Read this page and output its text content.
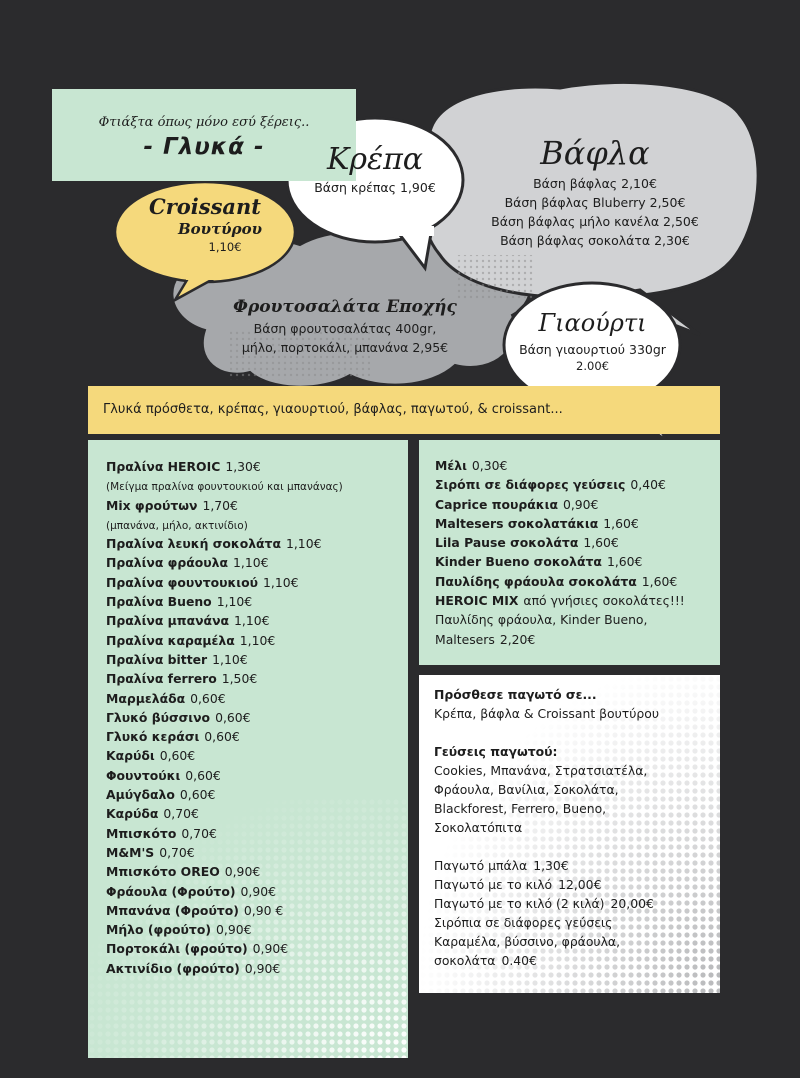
Φτιάξτα όπως μόνο εσύ ξέρεις..
- Γλυκά -	Κρέπα
Βάση κρέπας 1,90€
Βάφλα
Βάση βάφλας 2,10€
Βάση βάφλας Bluberry 2,50€
Βάση βάφλας μήλο κανέλα 2,50€
Βάση βάφλας σοκολάτα 2,30€
Croissant
Βουτύρου
1,10€
Φρουτοσαλάτα Εποχής
Βάση φρουτοσαλάτας 400gr,
μήλο, πορτοκάλι, μπανάνα 2,95€
Γιαούρτι
Βάση γιαουρτιού 330gr
2.00€
Γλυκά πρόσθετα, κρέπας, γιαουρτιού, βάφλας, παγωτού, & croissant...
Πραλίνα HEROIC 1,30€
(Μείγμα πραλίνα φουντουκιού και μπανάνας)
Mix φρούτων 1,70€
(μπανάνα, μήλο, ακτινίδιο)
Πραλίνα λευκή σοκολάτα 1,10€
Πραλίνα φράουλα 1,10€
Πραλίνα φουντουκιού 1,10€
Πραλίνα Bueno 1,10€
Πραλίνα μπανάνα 1,10€
Πραλίνα καραμέλα 1,10€
Πραλίνα bitter 1,10€
Πραλίνα ferrero 1,50€
Μαρμελάδα 0,60€
Γλυκό βύσσινο 0,60€
Γλυκό κεράσι 0,60€
Καρύδι 0,60€
Φουντούκι 0,60€
Αμύγδαλο 0,60€
Καρύδα 0,70€
Μπισκότο 0,70€
M&M'S 0,70€
Μπισκότο OREO 0,90€
Φράουλα (Φρούτο) 0,90€
Μπανάνα (Φρούτο) 0,90 €
Μήλο (φρούτο) 0,90€
Πορτοκάλι (φρούτο) 0,90€
Ακτινίδιο (φρούτο) 0,90€
Μέλι 0,30€
Σιρόπι σε διάφορες γεύσεις 0,40€
Caprice πουράκια 0,90€
Maltesers σοκολατάκια 1,60€
Lila Pause σοκολάτα 1,60€
Kinder Bueno σοκολάτα 1,60€
Παυλίδης φράουλα σοκολάτα 1,60€
HEROIC MIX από γνήσιες σοκολάτες!!!
Παυλίδης φράουλα, Kinder Bueno,
Maltesers 2,20€
Πρόσθεσε παγωτό σε...
Κρέπα, βάφλα & Croissant βουτύρου
Γεύσεις παγωτού:
Cookies, Μπανάνα, Στρατσιατέλα,
Φράουλα, Βανίλια, Σοκολάτα,
Blackforest, Ferrero, Bueno,
Σοκολατόπιτα
Παγωτό μπάλα 1,30€
Παγωτό με το κιλό 12,00€
Παγωτό με το κιλό (2 κιλά) 20,00€
Σιρόπια σε διάφορες γεύσεις
Καραμέλα, βύσσινο, φράουλα,
σοκολάτα 0.40€
